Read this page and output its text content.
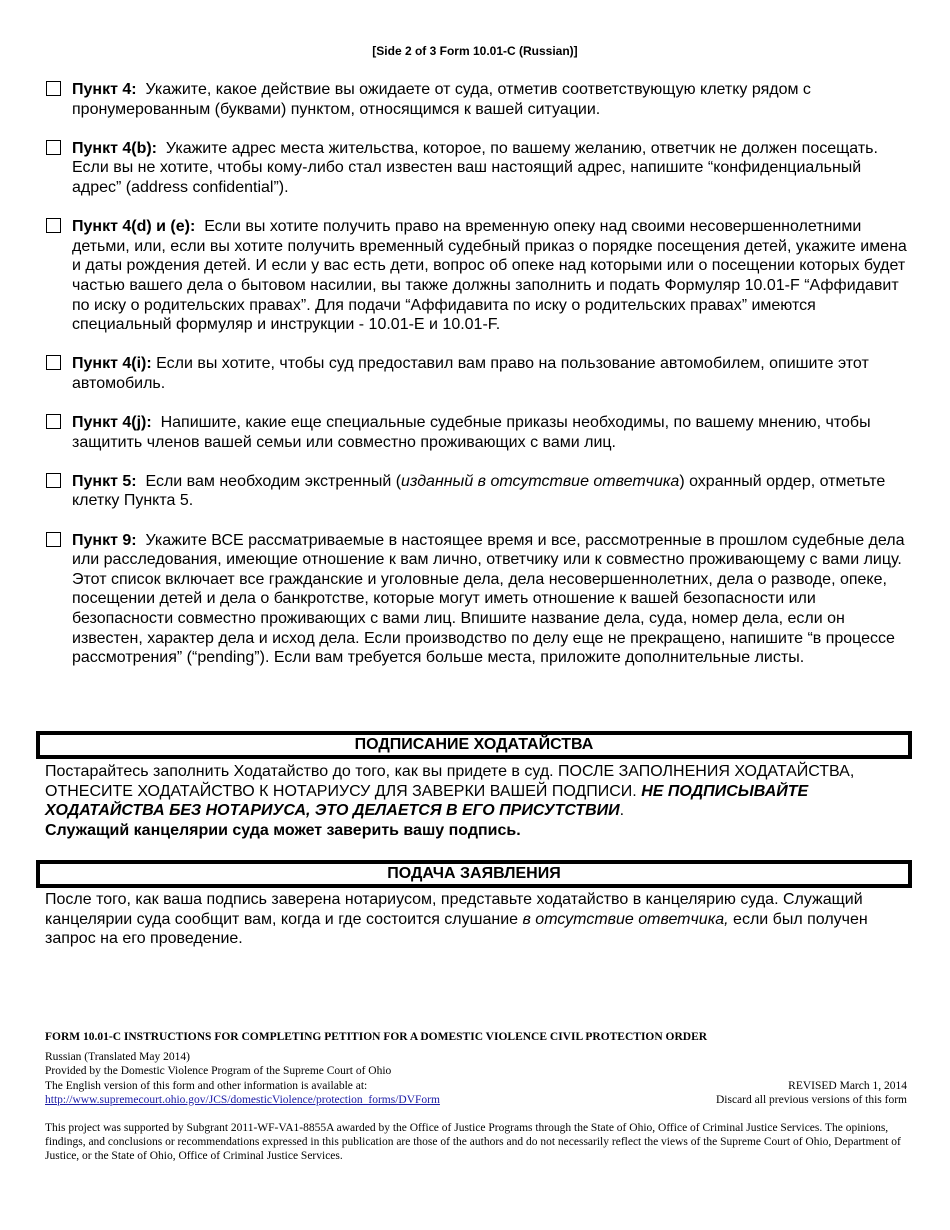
[Side 2 of 3 Form 10.01-C (Russian)]
Пункт 4: Укажите, какое действие вы ожидаете от суда, отметив соответствующую клетку рядом с пронумерованным (буквами) пунктом, относящимся к вашей ситуации.
Пункт 4(b): Укажите адрес места жительства, которое, по вашему желанию, ответчик не должен посещать. Если вы не хотите, чтобы кому-либо стал известен ваш настоящий адрес, напишите “конфиденциальный адрес” (address confidential”).
Пункт 4(d) и (e): Если вы хотите получить право на временную опеку над своими несовершеннолетними детьми, или, если вы хотите получить временный судебный приказ о порядке посещения детей, укажите имена и даты рождения детей. И если у вас есть дети, вопрос об опеке над которыми или о посещении которых будет частью вашего дела о бытовом насилии, вы также должны заполнить и подать Формуляр 10.01-F “Аффидавит по иску о родительских правах”. Для подачи “Аффидавита по иску о родительских правах” имеются специальный формуляр и инструкции - 10.01-E и 10.01-F.
Пункт 4(i): Если вы хотите, чтобы суд предоставил вам право на пользование автомобилем, опишите этот автомобиль.
Пункт 4(j): Напишите, какие еще специальные судебные приказы необходимы, по вашему мнению, чтобы защитить членов вашей семьи или совместно проживающих с вами лиц.
Пункт 5: Если вам необходим экстренный (изданный в отсутствие ответчика) охранный ордер, отметьте клетку Пункта 5.
Пункт 9: Укажите ВСЕ рассматриваемые в настоящее время и все, рассмотренные в прошлом судебные дела или расследования, имеющие отношение к вам лично, ответчику или к совместно проживающему с вами лицу. Этот список включает все гражданские и уголовные дела, дела несовершеннолетних, дела о разводе, опеке, посещении детей и дела о банкротстве, которые могут иметь отношение к вашей безопасности или безопасности совместно проживающих с вами лиц. Впишите название дела, суда, номер дела, если он известен, характер дела и исход дела. Если производство по делу еще не прекращено, напишите “в процессе рассмотрения” (“pending”). Если вам требуется больше места, приложите дополнительные листы.
ПОДПИСАНИЕ ХОДАТАЙСТВА
Постарайтесь заполнить Ходатайство до того, как вы придете в суд. ПОСЛЕ ЗАПОЛНЕНИЯ ХОДАТАЙСТВА, ОТНЕСИТЕ ХОДАТАЙСТВО К НОТАРИУСУ ДЛЯ ЗАВЕРКИ ВАШЕЙ ПОДПИСИ. НЕ ПОДПИСЫВАЙТЕ ХОДАТАЙСТВА БЕЗ НОТАРИУСА, ЭТО ДЕЛАЕТСЯ В ЕГО ПРИСУТСТВИИ.
Служащий канцелярии суда может заверить вашу подпись.
ПОДАЧА ЗАЯВЛЕНИЯ
После того, как ваша подпись заверена нотариусом, представьте ходатайство в канцелярию суда. Служащий канцелярии суда сообщит вам, когда и где состоится слушание в отсутствие ответчика, если был получен запрос на его проведение.
FORM 10.01-C INSTRUCTIONS FOR COMPLETING PETITION FOR A DOMESTIC VIOLENCE CIVIL PROTECTION ORDER
Russian (Translated May 2014)
Provided by the Domestic Violence Program of the Supreme Court of Ohio
The English version of this form and other information is available at:	REVISED March 1, 2014
http://www.supremecourt.ohio.gov/JCS/domesticViolence/protection_forms/DVForm	Discard all previous versions of this form
This project was supported by Subgrant 2011-WF-VA1-8855A awarded by the Office of Justice Programs through the State of Ohio, Office of Criminal Justice Services. The opinions, findings, and conclusions or recommendations expressed in this publication are those of the authors and do not necessarily reflect the views of the Supreme Court of Ohio, Department of Justice, or the State of Ohio, Office of Criminal Justice Services.
